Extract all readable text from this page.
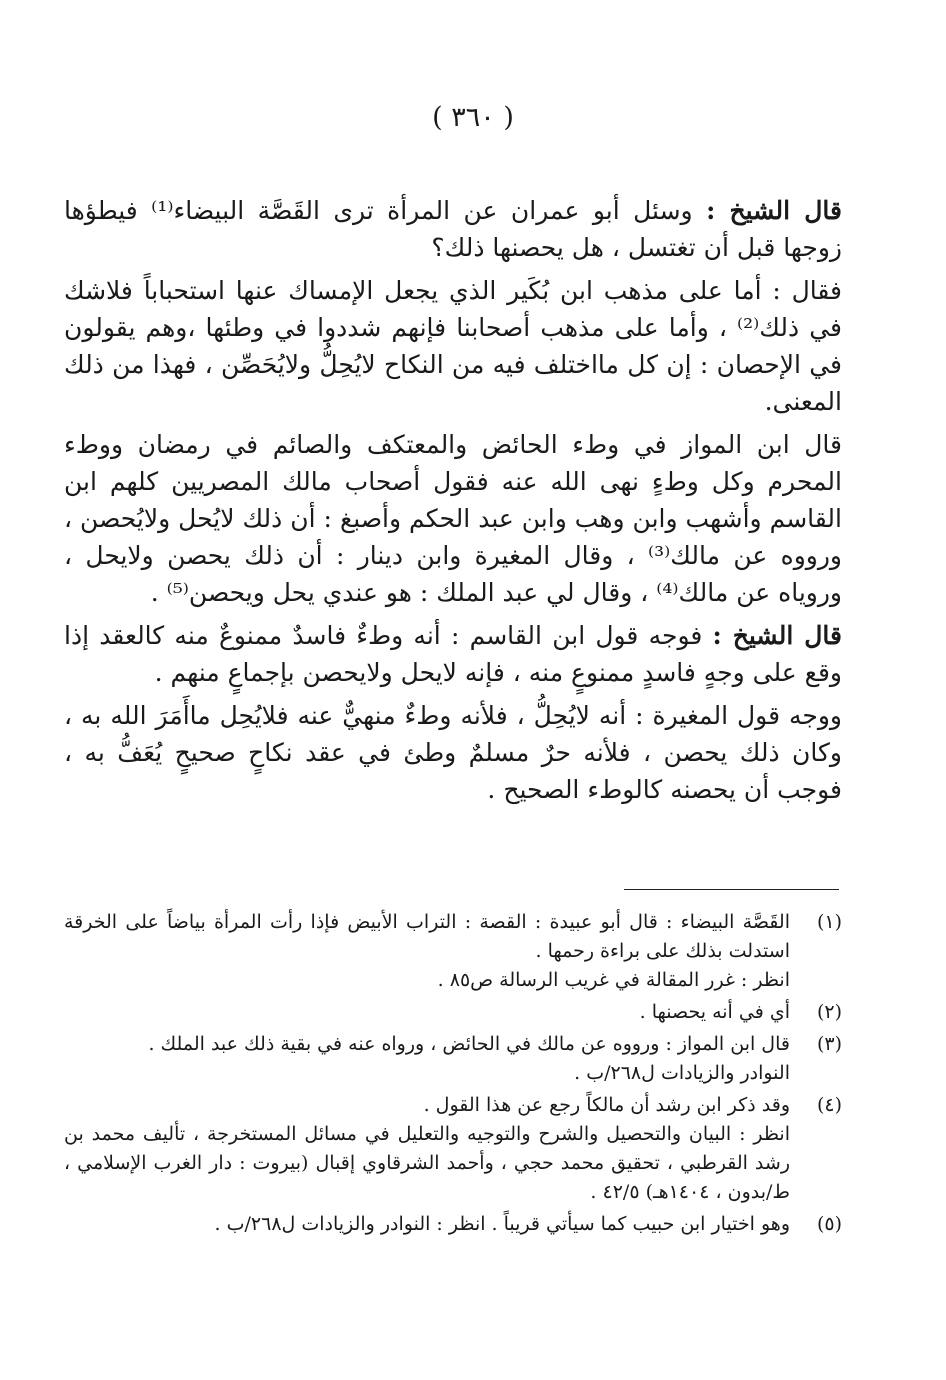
( ٣٦٠ )

قال الشيخ : وسئل أبو عمران عن المرأة ترى القَصَّة البيضاء⁽¹⁾ فيطؤها زوجها قبل أن تغتسل ، هل يحصنها ذلك؟

فقال : أما على مذهب ابن بُكَير الذي يجعل الإمساك عنها استحباباً فلاشك في ذلك⁽²⁾ ، وأما على مذهب أصحابنا فإنهم شددوا في وطئها ،وهم يقولون في الإحصان : إن كل مااختلف فيه من النكاح لايُحِلُّ ولايُحَصِّن ، فهذا من ذلك المعنى.

قال ابن المواز في وطء الحائض والمعتكف والصائم في رمضان ووطء المحرم وكل وطءٍ نهى الله عنه فقول أصحاب مالك المصريين كلهم ابن القاسم وأشهب وابن وهب وابن عبد الحكم وأصبغ : أن ذلك لايُحل ولايُحصن ، ورووه عن مالك⁽³⁾ ، وقال المغيرة وابن دينار : أن ذلك يحصن ولايحل ، وروياه عن مالك⁽⁴⁾ ، وقال لي عبد الملك : هو عندي يحل ويحصن⁽⁵⁾ .

قال الشيخ : فوجه قول ابن القاسم : أنه وطءٌ فاسدٌ ممنوعٌ منه كالعقد إذا وقع على وجهٍ فاسدٍ ممنوعٍ منه ، فإنه لايحل ولايحصن بإجماعٍ منهم .

ووجه قول المغيرة : أنه لايُحِلُّ ، فلأنه وطءٌ منهيٌّ عنه فلايُحِل ماأَمَرَ الله به ، وكان ذلك يحصن ، فلأنه حرٌ مسلمٌ وطئ في عقد نكاحٍ صحيحٍ يُعَفُّ به ، فوجب أن يحصنه كالوطء الصحيح .

(١)
القَصَّة البيضاء : قال أبو عبيدة : القصة : التراب الأبيض فإذا رأت المرأة بياضاً على الخرقة استدلت بذلك على براءة رحمها .
انظر : غرر المقالة في غريب الرسالة ص٨٥ .
(٢)
أي في أنه يحصنها .
(٣)
قال ابن المواز : ورووه عن مالك في الحائض ، ورواه عنه في بقية ذلك عبد الملك .
النوادر والزيادات ل٢٦٨/ب .
(٤)
وقد ذكر ابن رشد أن مالكاً رجع عن هذا القول .
انظر : البيان والتحصيل والشرح والتوجيه والتعليل في مسائل المستخرجة ، تأليف محمد بن رشد القرطبي ، تحقيق محمد حجي ، وأحمد الشرقاوي إقبال (بيروت : دار الغرب الإسلامي ، ط/بدون ، ١٤٠٤هـ) ٤٢/٥ .
(٥)
وهو اختيار ابن حبيب كما سيأتي قريباً . انظر : النوادر والزيادات ل٢٦٨/ب .
